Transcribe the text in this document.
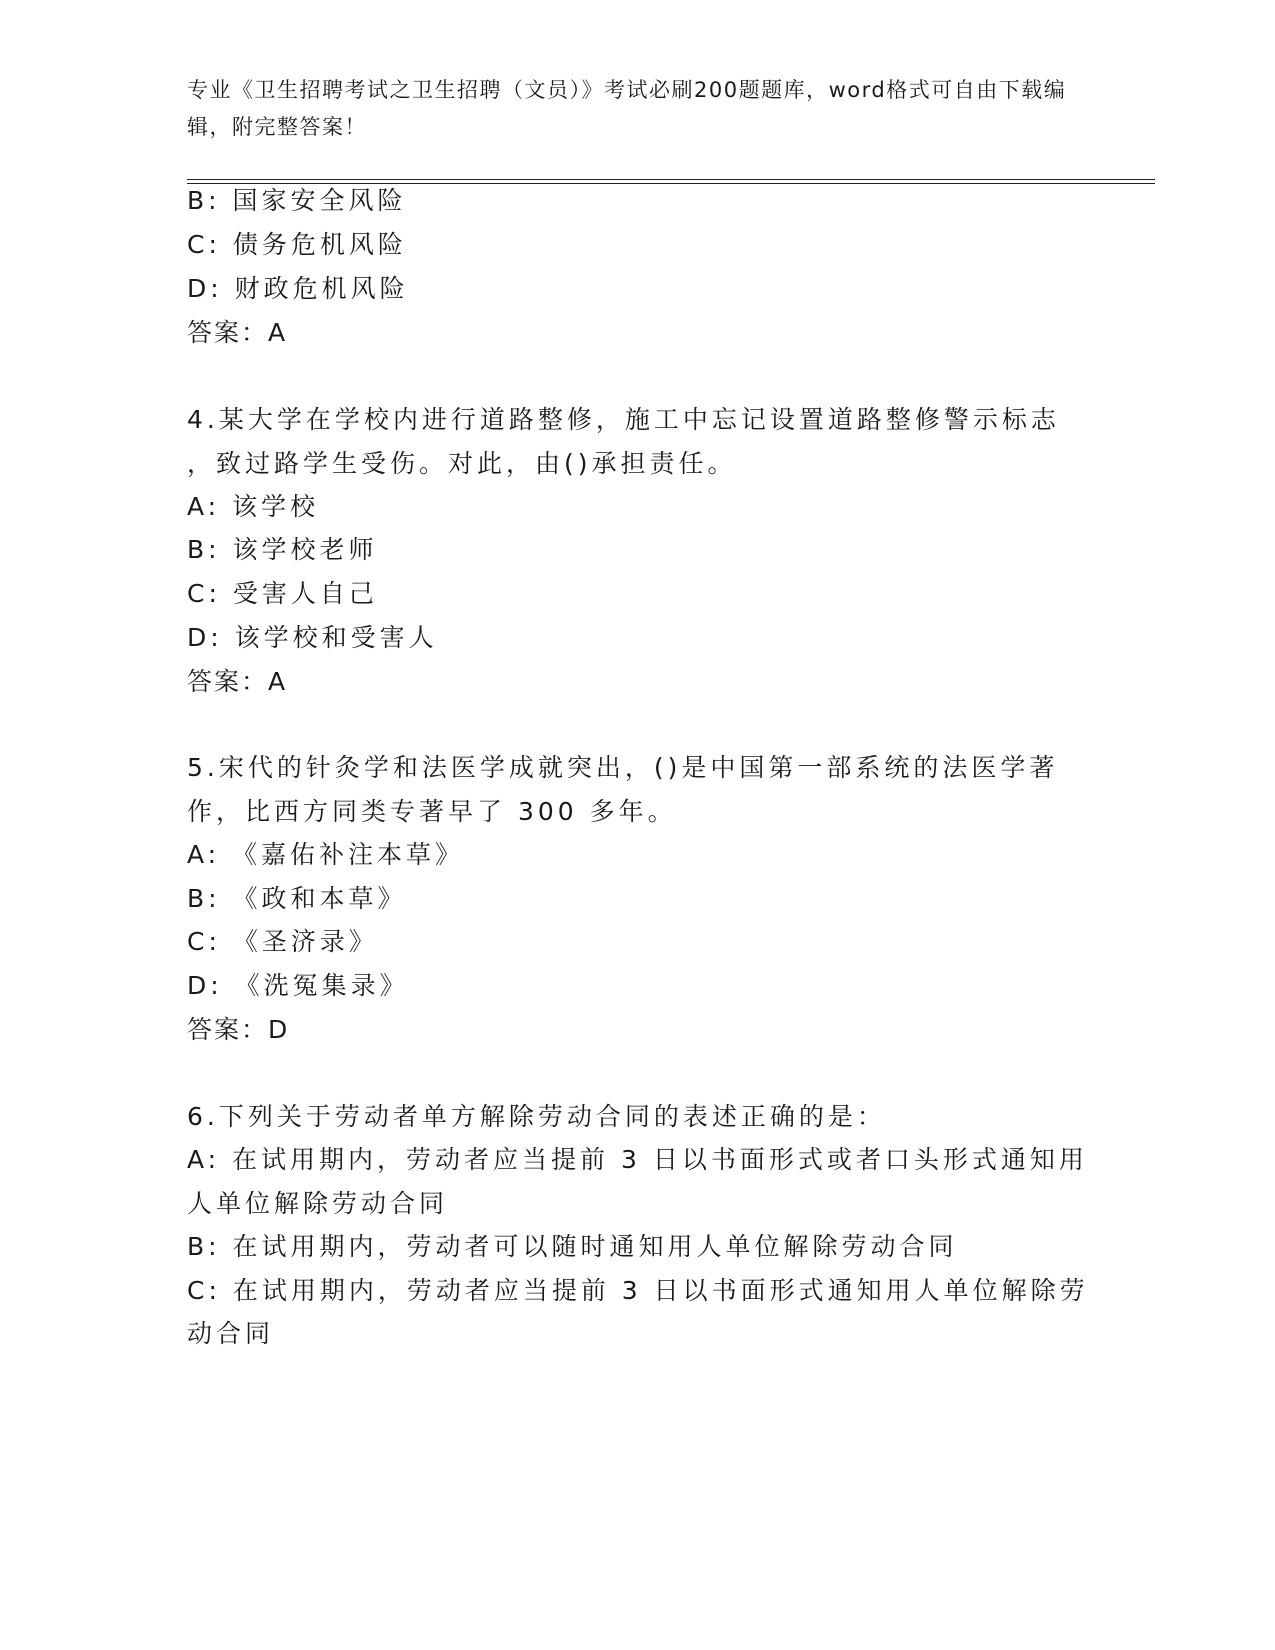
专业《卫生招聘考试之卫生招聘（文员）》考试必刷200题题库，word格式可自由下载编辑，附完整答案！
B: 国家安全风险
C: 债务危机风险
D: 财政危机风险
答案：A
4.某大学在学校内进行道路整修，施工中忘记设置道路整修警示标志
，致过路学生受伤。对此，由()承担责任。
A: 该学校
B: 该学校老师
C: 受害人自己
D: 该学校和受害人
答案：A
5.宋代的针灸学和法医学成就突出，()是中国第一部系统的法医学著
作，比西方同类专著早了 300 多年。
A: 《嘉佑补注本草》
B: 《政和本草》
C: 《圣济录》
D: 《洗冤集录》
答案：D
6.下列关于劳动者单方解除劳动合同的表述正确的是：
A: 在试用期内，劳动者应当提前 3 日以书面形式或者口头形式通知用
人单位解除劳动合同
B: 在试用期内，劳动者可以随时通知用人单位解除劳动合同
C: 在试用期内，劳动者应当提前 3 日以书面形式通知用人单位解除劳
动合同
